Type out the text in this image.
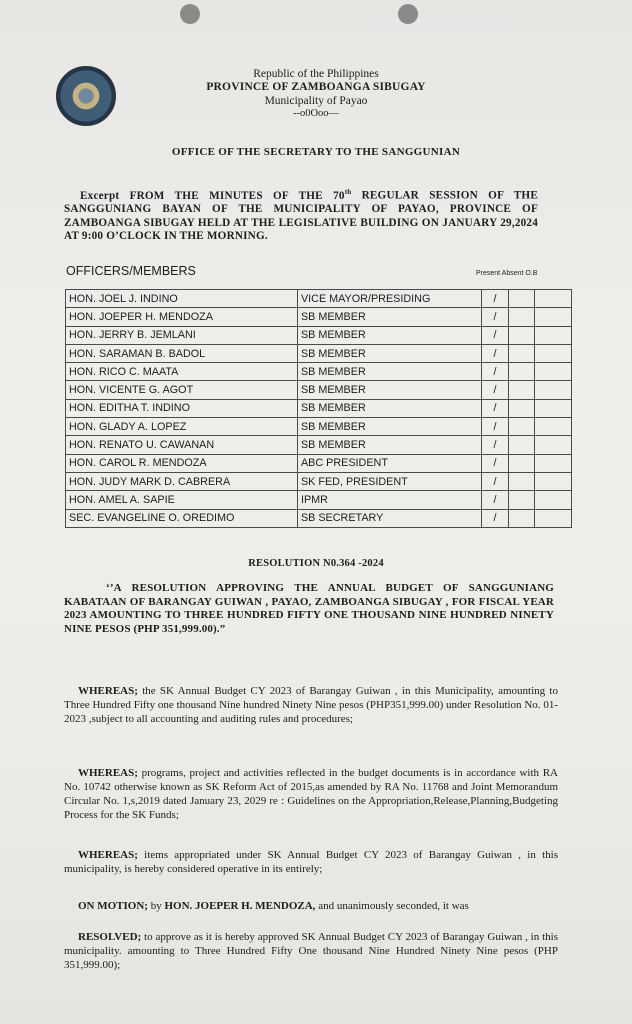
Republic of the Philippines
PROVINCE OF ZAMBOANGA SIBUGAY
Municipality of Payao
--o0Ooo—
OFFICE OF THE SECRETARY TO THE SANGGUNIAN
Excerpt FROM THE MINUTES OF THE 70th REGULAR SESSION OF THE SANGGUNIANG BAYAN OF THE MUNICIPALITY OF PAYAO, PROVINCE OF ZAMBOANGA SIBUGAY HELD AT THE LEGISLATIVE BUILDING ON JANUARY 29,2024 AT 9:00 O’CLOCK IN THE MORNING.
OFFICERS/MEMBERS	Present Absent O.B
HON. JOEL J. INDINO	VICE MAYOR/PRESIDING	/		
HON. JOEPER H. MENDOZA	SB MEMBER	/		
HON. JERRY B. JEMLANI	SB MEMBER	/		
HON. SARAMAN B. BADOL	SB MEMBER	/		
HON. RICO C. MAATA	SB MEMBER	/		
HON. VICENTE G. AGOT	SB MEMBER	/		
HON. EDITHA T. INDINO	SB MEMBER	/		
HON. GLADY A. LOPEZ	SB MEMBER	/		
HON. RENATO U. CAWANAN	SB MEMBER	/		
HON. CAROL R. MENDOZA	ABC PRESIDENT	/		
HON. JUDY MARK D. CABRERA	SK FED, PRESIDENT	/		
HON. AMEL A. SAPIE	IPMR	/		
SEC. EVANGELINE O. OREDIMO	SB SECRETARY	/		
RESOLUTION N0.364 -2024
‘’A RESOLUTION APPROVING THE ANNUAL BUDGET OF SANGGUNIANG KABATAAN OF BARANGAY GUIWAN , PAYAO, ZAMBOANGA SIBUGAY , FOR FISCAL YEAR 2023 AMOUNTING TO THREE HUNDRED FIFTY ONE THOUSAND NINE HUNDRED NINETY NINE PESOS (PHP 351,999.00).”
WHEREAS; the SK Annual Budget CY 2023 of Barangay Guiwan , in this Municipality, amounting to Three Hundred Fifty one thousand Nine hundred Ninety Nine pesos (PHP351,999.00) under Resolution No. 01-2023 ,subject to all accounting and auditing rules and procedures;
WHEREAS; programs, project and activities reflected in the budget documents is in accordance with RA No. 10742 otherwise known as SK Reform Act of 2015,as amended by RA No. 11768 and Joint Memorandum Circular No. 1,s,2019 dated January 23, 2029 re : Guidelines on the Appropriation,Release,Planning,Budgeting Process for the SK Funds;
WHEREAS; items appropriated under SK Annual Budget CY 2023 of Barangay Guiwan , in this municipality, is hereby considered operative in its entirely;
ON MOTION; by HON. JOEPER H. MENDOZA, and unanimously seconded, it was
RESOLVED; to approve as it is hereby approved SK Annual Budget CY 2023 of Barangay Guiwan , in this municipality. amounting to Three Hundred Fifty One thousand Nine Hundred Ninety Nine pesos (PHP 351,999.00);
